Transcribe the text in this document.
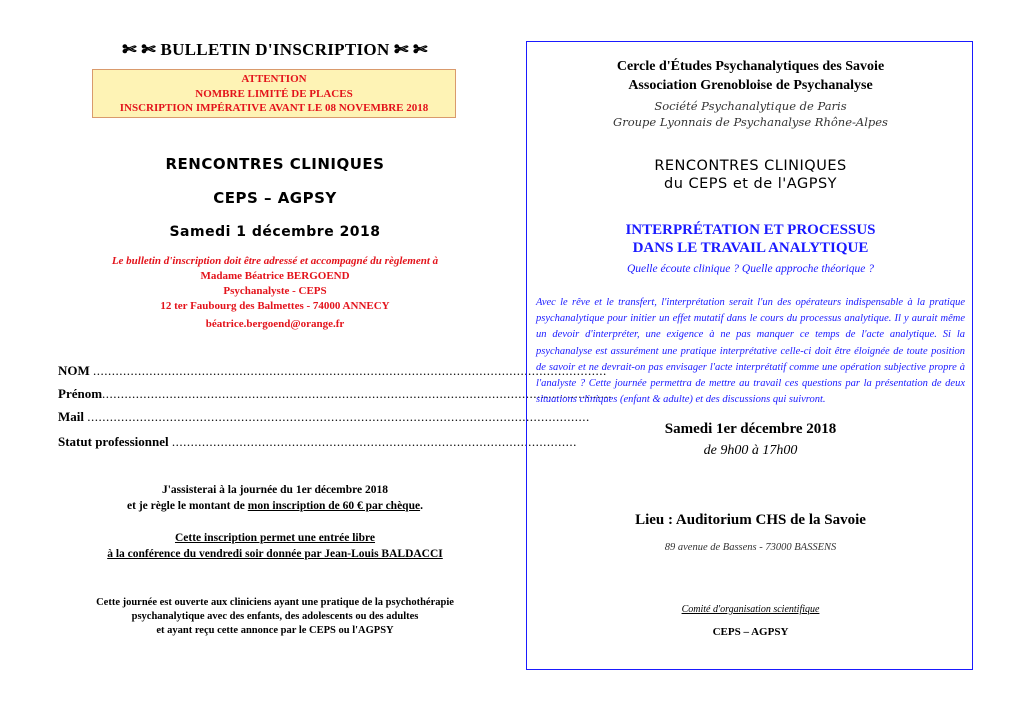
✄ ✄ BULLETIN D'INSCRIPTION ✄ ✄
ATTENTION
NOMBRE LIMITÉ DE PLACES
INSCRIPTION IMPÉRATIVE AVANT LE 08 NOVEMBRE 2018
RENCONTRES CLINIQUES
CEPS – AGPSY
Samedi 1 décembre 2018
Le bulletin d'inscription doit être adressé et accompagné du règlement à
Madame Béatrice BERGOEND
Psychanalyste - CEPS
12 ter Faubourg des Balmettes - 74000 ANNECY
béatrice.bergoend@orange.fr
NOM .........................................................................................................................................
Prénom........................................................................................................................................
Mail ......................................................................................................................................
Statut professionnel ............................................................................................................
J'assisterai à la journée du 1er décembre 2018
et je règle le montant de mon inscription de 60 € par chèque.
Cette inscription permet une entrée libre
à la conférence du vendredi soir donnée par Jean-Louis BALDACCI
Cette journée est ouverte aux cliniciens ayant une pratique de la psychothérapie
psychanalytique avec des enfants, des adolescents ou des adultes
et ayant reçu cette annonce par le CEPS ou l'AGPSY
Cercle d'Études Psychanalytiques des Savoie
Association Grenobloise de Psychanalyse
Société Psychanalytique de Paris
Groupe Lyonnais de Psychanalyse Rhône-Alpes
RENCONTRES CLINIQUES
du CEPS et de l'AGPSY
INTERPRÉTATION ET PROCESSUS
DANS LE TRAVAIL ANALYTIQUE
Quelle écoute clinique ? Quelle approche théorique ?
Avec le rêve et le transfert, l'interprétation serait l'un des opérateurs indispensable à la pratique psychanalytique pour initier un effet mutatif dans le cours du processus analytique. Il y aurait même un devoir d'interpréter, une exigence à ne pas manquer ce temps de l'acte analytique. Si la psychanalyse est assurément une pratique interprétative celle-ci doit être éloignée de toute position de savoir et ne devrait-on pas envisager l'acte interprétatif comme une opération subjective propre à l'analyste ? Cette journée permettra de mettre au travail ces questions par la présentation de deux situations cliniques (enfant & adulte) et des discussions qui suivront.
Samedi 1er décembre 2018
de 9h00 à 17h00
Lieu : Auditorium CHS de la Savoie
89 avenue de Bassens - 73000 BASSENS
Comité d'organisation scientifique
CEPS – AGPSY
